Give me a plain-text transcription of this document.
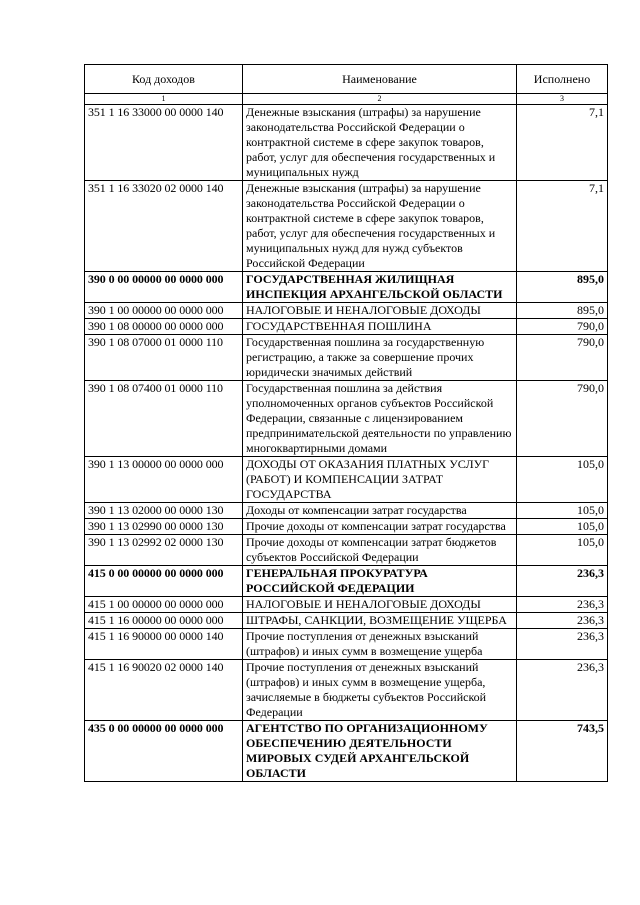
Код доходов	Наименование	Исполнено
1	2	3
351 1 16 33000 00 0000 140	Денежные взыскания (штрафы) за нарушение законодательства Российской Федерации о контрактной системе в сфере закупок товаров, работ, услуг для обеспечения государственных и муниципальных нужд	7,1
351 1 16 33020 02 0000 140	Денежные взыскания (штрафы) за нарушение законодательства Российской Федерации о контрактной системе в сфере закупок товаров, работ, услуг для обеспечения государственных и муниципальных нужд для нужд субъектов Российской Федерации	7,1
390 0 00 00000 00 0000 000	ГОСУДАРСТВЕННАЯ ЖИЛИЩНАЯ ИНСПЕКЦИЯ АРХАНГЕЛЬСКОЙ ОБЛАСТИ	895,0
390 1 00 00000 00 0000 000	НАЛОГОВЫЕ И НЕНАЛОГОВЫЕ ДОХОДЫ	895,0
390 1 08 00000 00 0000 000	ГОСУДАРСТВЕННАЯ ПОШЛИНА	790,0
390 1 08 07000 01 0000 110	Государственная пошлина за государственную регистрацию, а также за совершение прочих юридически значимых действий	790,0
390 1 08 07400 01 0000 110	Государственная пошлина за действия уполномоченных органов субъектов Российской Федерации, связанные с лицензированием предпринимательской деятельности по управлению многоквартирными домами	790,0
390 1 13 00000 00 0000 000	ДОХОДЫ ОТ ОКАЗАНИЯ ПЛАТНЫХ УСЛУГ (РАБОТ) И КОМПЕНСАЦИИ ЗАТРАТ ГОСУДАРСТВА	105,0
390 1 13 02000 00 0000 130	Доходы от компенсации затрат государства	105,0
390 1 13 02990 00 0000 130	Прочие доходы от компенсации затрат государства	105,0
390 1 13 02992 02 0000 130	Прочие доходы от компенсации затрат бюджетов субъектов Российской Федерации	105,0
415 0 00 00000 00 0000 000	ГЕНЕРАЛЬНАЯ ПРОКУРАТУРА РОССИЙСКОЙ ФЕДЕРАЦИИ	236,3
415 1 00 00000 00 0000 000	НАЛОГОВЫЕ И НЕНАЛОГОВЫЕ ДОХОДЫ	236,3
415 1 16 00000 00 0000 000	ШТРАФЫ, САНКЦИИ, ВОЗМЕЩЕНИЕ УЩЕРБА	236,3
415 1 16 90000 00 0000 140	Прочие поступления от денежных взысканий (штрафов) и иных сумм в возмещение ущерба	236,3
415 1 16 90020 02 0000 140	Прочие поступления от денежных взысканий (штрафов) и иных сумм в возмещение ущерба, зачисляемые в бюджеты субъектов Российской Федерации	236,3
435 0 00 00000 00 0000 000	АГЕНТСТВО ПО ОРГАНИЗАЦИОННОМУ ОБЕСПЕЧЕНИЮ ДЕЯТЕЛЬНОСТИ МИРОВЫХ СУДЕЙ АРХАНГЕЛЬСКОЙ ОБЛАСТИ	743,5
